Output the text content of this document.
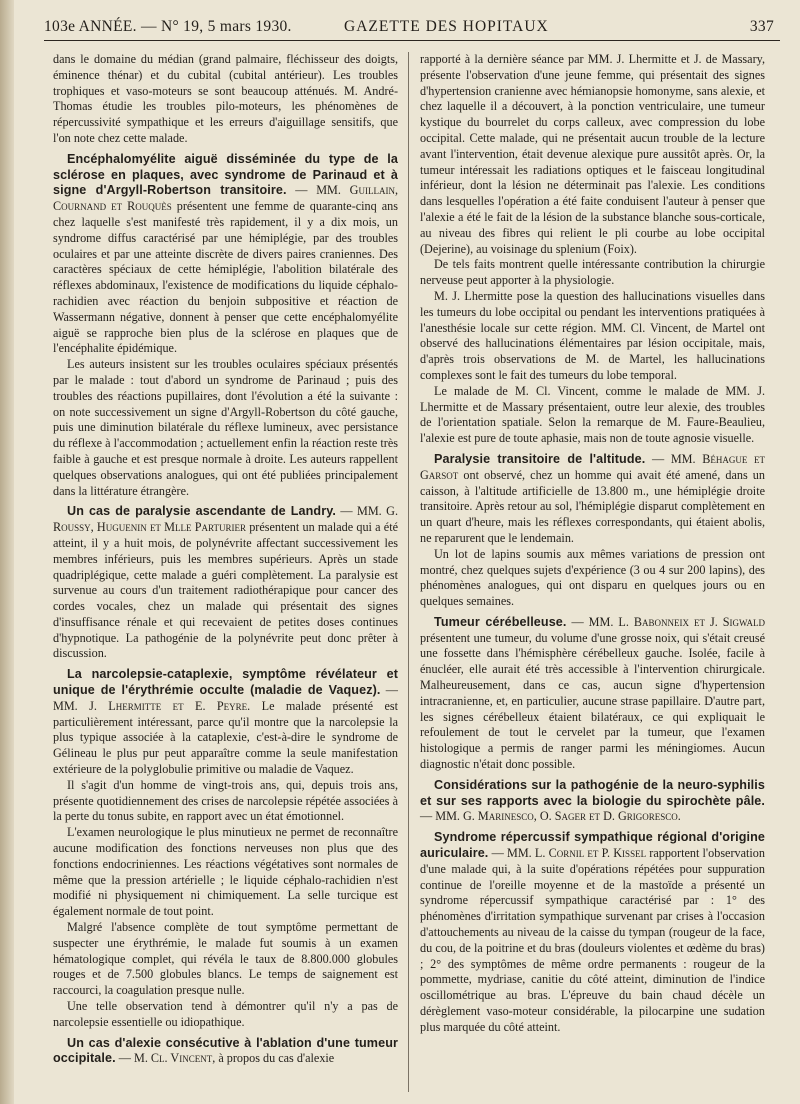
103e ANNÉE. — N° 19, 5 mars 1930.	GAZETTE DES HOPITAUX	337

dans le domaine du médian (grand palmaire, fléchisseur des doigts, éminence thénar) et du cubital (cubital antérieur). Les troubles trophiques et vaso-moteurs se sont beaucoup atténués. M. André-Thomas étudie les troubles pilo-moteurs, les phénomènes de répercussivité sympathique et les erreurs d'aiguillage sensitifs, que l'on note chez cette malade.

Encéphalomyélite aiguë disséminée du type de la sclérose en plaques, avec syndrome de Parinaud et à signe d'Argyll-Robertson transitoire. — MM. Guillain, Cournand et Rouquès présentent une femme de quarante-cinq ans chez laquelle s'est manifesté très rapidement, il y a dix mois, un syndrome diffus caractérisé par une hémiplégie, par des troubles oculaires et par une atteinte discrète de divers paires craniennes. Des caractères spéciaux de cette hémiplégie, l'abolition bilatérale des réflexes abdominaux, l'existence de modifications du liquide céphalo-rachidien avec réaction du benjoin subpositive et réaction de Wassermann négative, donnent à penser que cette encéphalomyélite aiguë se rapproche bien plus de la sclérose en plaques que de l'encéphalite épidémique.

Les auteurs insistent sur les troubles oculaires spéciaux présentés par le malade : tout d'abord un syndrome de Parinaud ; puis des troubles des réactions pupillaires, dont l'évolution a été la suivante : on note successivement un signe d'Argyll-Robertson du côté gauche, puis une diminution bilatérale du réflexe lumineux, avec persistance du réflexe à l'accommodation ; actuellement enfin la réaction reste très faible à gauche et est presque normale à droite. Les auteurs rappellent quelques observations analogues, qui ont été publiées principalement dans la littérature étrangère.

Un cas de paralysie ascendante de Landry. — MM. G. Roussy, Huguenin et Mlle Parturier présentent un malade qui a été atteint, il y a huit mois, de polynévrite affectant successivement les membres inférieurs, puis les membres supérieurs. Après un stade quadriplégique, cette malade a guéri complètement. La paralysie est survenue au cours d'un traitement radiothérapique pour cancer des cordes vocales, chez un malade qui présentait des signes d'insuffisance rénale et qui recevaient de petites doses continues d'hypnotique. La pathogénie de la polynévrite peut donc prêter à discussion.

La narcolepsie-cataplexie, symptôme révélateur et unique de l'érythrémie occulte (maladie de Vaquez). — MM. J. Lhermitte et E. Peyre. Le malade présenté est particulièrement intéressant, parce qu'il montre que la narcolepsie la plus typique associée à la cataplexie, c'est-à-dire le syndrome de Gélineau le plus pur peut apparaître comme la seule manifestation extérieure de la polyglobulie primitive ou maladie de Vaquez.

Il s'agit d'un homme de vingt-trois ans, qui, depuis trois ans, présente quotidiennement des crises de narcolepsie répétée associées à la perte du tonus subite, en rapport avec un état émotionnel.

L'examen neurologique le plus minutieux ne permet de reconnaître aucune modification des fonctions nerveuses non plus que des fonctions endocriniennes. Les réactions végétatives sont normales de même que la pression artérielle ; le liquide céphalo-rachidien n'est modifié ni physiquement ni chimiquement. La selle turcique est également normale de tout point.

Malgré l'absence complète de tout symptôme permettant de suspecter une érythrémie, le malade fut soumis à un examen hématologique complet, qui révéla le taux de 8.800.000 globules rouges et de 7.500 globules blancs. Le temps de saignement est raccourci, la coagulation presque nulle.

Une telle observation tend à démontrer qu'il n'y a pas de narcolepsie essentielle ou idiopathique.

Un cas d'alexie consécutive à l'ablation d'une tumeur occipitale. — M. Cl. Vincent, à propos du cas d'alexie

rapporté à la dernière séance par MM. J. Lhermitte et J. de Massary, présente l'observation d'une jeune femme, qui présentait des signes d'hypertension cranienne avec hémianopsie homonyme, sans alexie, et chez laquelle il a découvert, à la ponction ventriculaire, une tumeur kystique du bourrelet du corps calleux, avec compression du lobe occipital. Cette malade, qui ne présentait aucun trouble de la lecture avant l'intervention, était devenue alexique pure aussitôt après. Or, la tumeur intéressait les radiations optiques et le faisceau longitudinal inférieur, dont la lésion ne déterminait pas l'alexie. Les conditions dans lesquelles l'opération a été faite conduisent l'auteur à penser que l'alexie a été le fait de la lésion de la substance blanche sous-corticale, au niveau des fibres qui relient le pli courbe au lobe occipital (Dejerine), au voisinage du splenium (Foix).

De tels faits montrent quelle intéressante contribution la chirurgie nerveuse peut apporter à la physiologie.

M. J. Lhermitte pose la question des hallucinations visuelles dans les tumeurs du lobe occipital ou pendant les interventions pratiquées à l'anesthésie locale sur cette région. MM. Cl. Vincent, de Martel ont observé des hallucinations élémentaires par lésion occipitale, mais, d'après trois observations de M. de Martel, les hallucinations complexes sont le fait des tumeurs du lobe temporal.

Le malade de M. Cl. Vincent, comme le malade de MM. J. Lhermitte et de Massary présentaient, outre leur alexie, des troubles de l'orientation spatiale. Selon la remarque de M. Faure-Beaulieu, l'alexie est pure de toute aphasie, mais non de toute agnosie visuelle.

Paralysie transitoire de l'altitude. — MM. Béhague et Garsot ont observé, chez un homme qui avait été amené, dans un caisson, à l'altitude artificielle de 13.800 m., une hémiplégie droite transitoire. Après retour au sol, l'hémiplégie disparut complètement en un quart d'heure, mais les réflexes correspondants, qui étaient abolis, ne reparurent que le lendemain.

Un lot de lapins soumis aux mêmes variations de pression ont montré, chez quelques sujets d'expérience (3 ou 4 sur 200 lapins), des phénomènes analogues, qui ont disparu en quelques jours ou en quelques semaines.

Tumeur cérébelleuse. — MM. L. Babonneix et J. Sigwald présentent une tumeur, du volume d'une grosse noix, qui s'était creusé une fossette dans l'hémisphère cérébelleux gauche. Isolée, facile à énucléer, elle aurait été très accessible à l'intervention chirurgicale. Malheureusement, dans ce cas, aucun signe d'hypertension intracranienne, et, en particulier, aucune strase papillaire. D'autre part, les signes cérébelleux étaient bilatéraux, ce qui expliquait le refoulement de tout le cervelet par la tumeur, que l'examen histologique a permis de ranger parmi les méningiomes. Aucun diagnostic n'était donc possible.

Considérations sur la pathogénie de la neuro-syphilis et sur ses rapports avec la biologie du spirochète pâle. — MM. G. Marinesco, O. Sager et D. Grigoresco.

Syndrome répercussif sympathique régional d'origine auriculaire. — MM. L. Cornil et P. Kissel rapportent l'observation d'une malade qui, à la suite d'opérations répétées pour suppuration continue de l'oreille moyenne et de la mastoïde a présenté un syndrome répercussif sympathique caractérisé par : 1° des phénomènes d'irritation sympathique survenant par crises à l'occasion d'attouchements au niveau de la caisse du tympan (rougeur de la face, du cou, de la poitrine et du bras (douleurs violentes et œdème du bras) ; 2° des symptômes de même ordre permanents : rougeur de la pommette, mydriase, canitie du côté atteint, diminution de l'indice oscillométrique au bras. L'épreuve du bain chaud décèle un dérèglement vaso-moteur considérable, la pilocarpine une sudation plus marquée du côté atteint.
